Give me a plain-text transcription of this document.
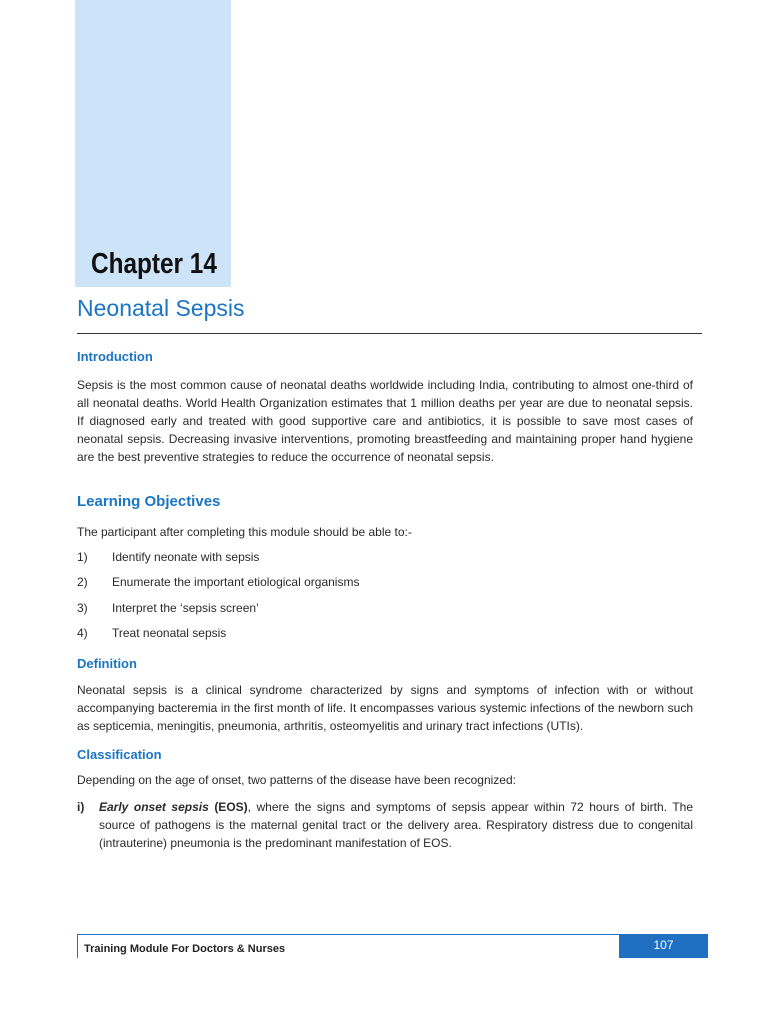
Chapter 14
Neonatal Sepsis
Introduction
Sepsis is the most common cause of neonatal deaths worldwide including India, contributing to almost one-third of all neonatal deaths. World Health Organization estimates that 1 million deaths per year are due to neonatal sepsis. If diagnosed early and treated with good supportive care and antibiotics, it is possible to save most cases of neonatal sepsis. Decreasing invasive interventions, promoting breastfeeding and maintaining proper hand hygiene are the best preventive strategies to reduce the occurrence of neonatal sepsis.
Learning Objectives
The participant after completing this module should be able to:-
1) Identify neonate with sepsis
2) Enumerate the important etiological organisms
3) Interpret the ‘sepsis screen’
4) Treat neonatal sepsis
Definition
Neonatal sepsis is a clinical syndrome characterized by signs and symptoms of infection with or without accompanying bacteremia in the first month of life. It encompasses various systemic infections of the newborn such as septicemia, meningitis, pneumonia, arthritis, osteomyelitis and urinary tract infections (UTIs).
Classification
Depending on the age of onset, two patterns of the disease have been recognized:
i) Early onset sepsis (EOS), where the signs and symptoms of sepsis appear within 72 hours of birth. The source of pathogens is the maternal genital tract or the delivery area. Respiratory distress due to congenital (intrauterine) pneumonia is the predominant manifestation of EOS.
Training Module For Doctors & Nurses	107
